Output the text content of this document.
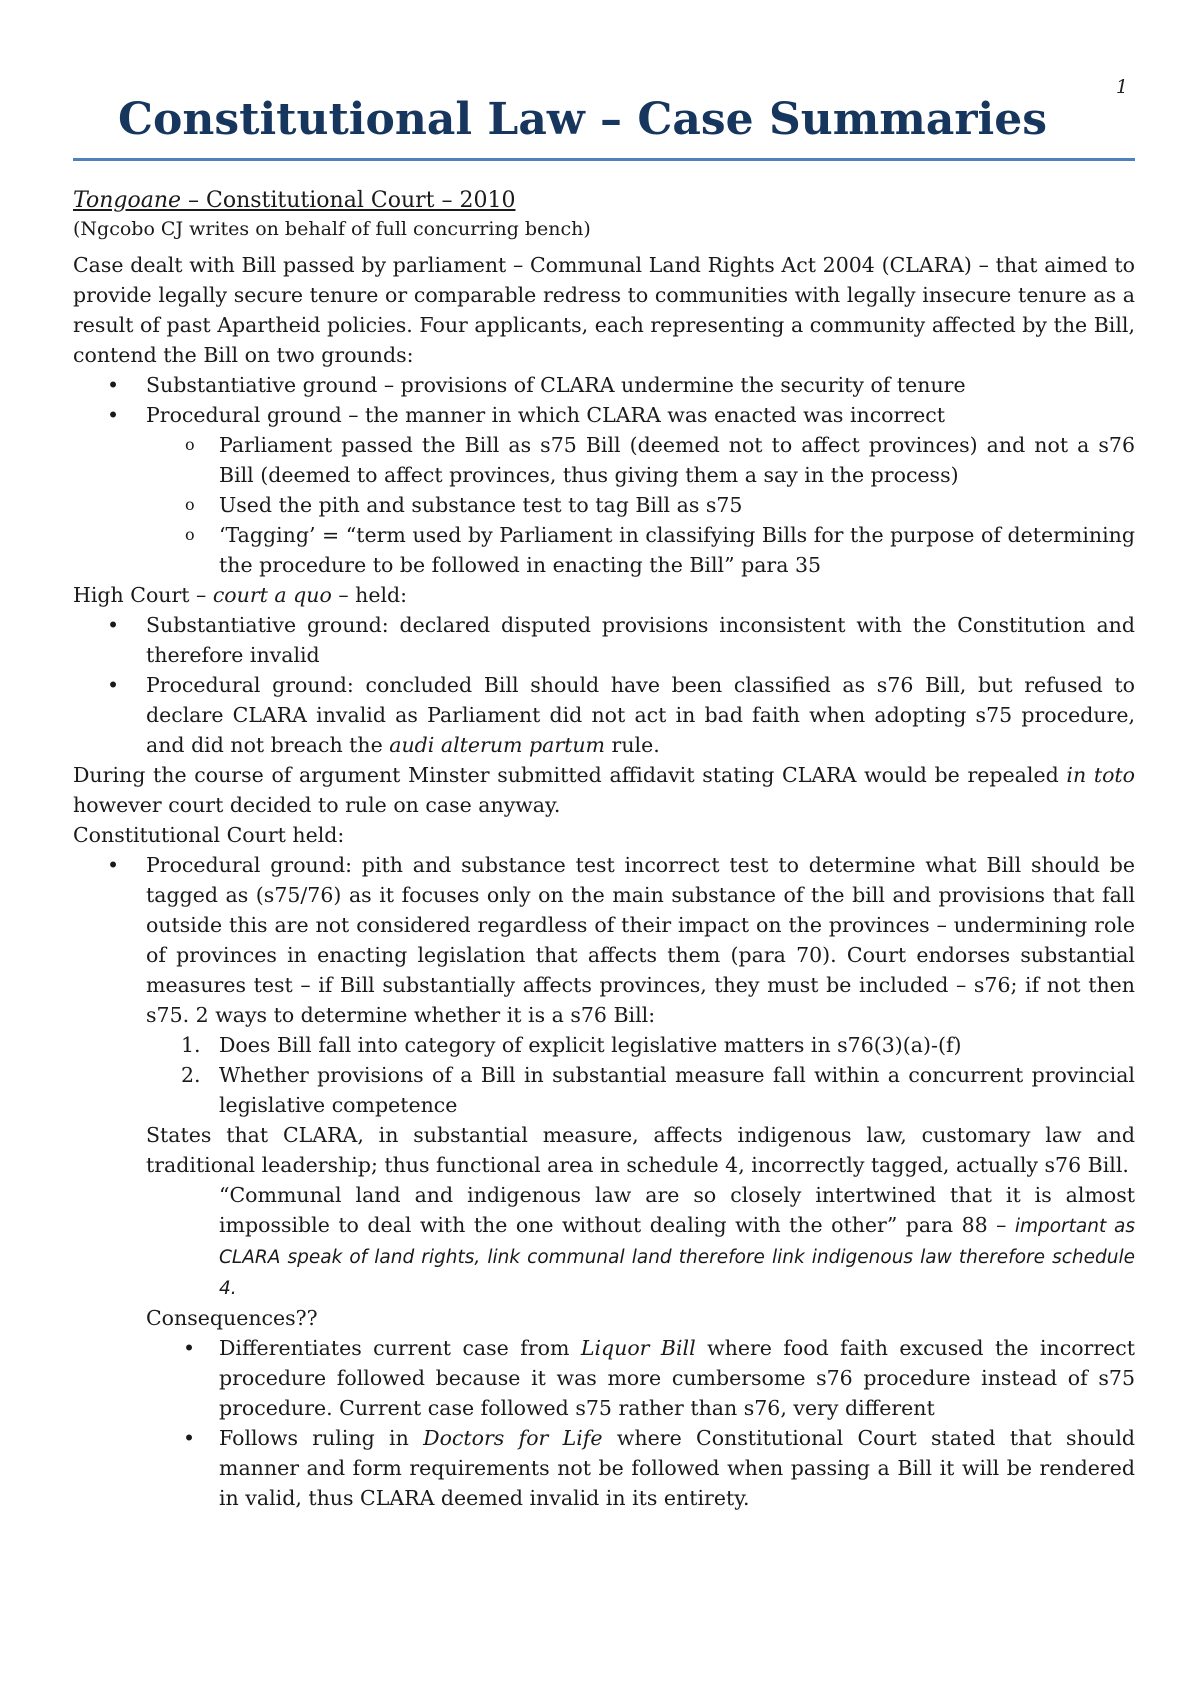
1
Constitutional Law – Case Summaries

Tongoane – Constitutional Court – 2010

(Ngcobo CJ writes on behalf of full concurring bench)

Case dealt with Bill passed by parliament – Communal Land Rights Act 2004 (CLARA) – that aimed to provide legally secure tenure or comparable redress to communities with legally insecure tenure as a result of past Apartheid policies. Four applicants, each representing a community affected by the Bill, contend the Bill on two grounds:

• Substantiative ground – provisions of CLARA undermine the security of tenure
• Procedural ground – the manner in which CLARA was enacted was incorrect
o Parliament passed the Bill as s75 Bill (deemed not to affect provinces) and not a s76 Bill (deemed to affect provinces, thus giving them a say in the process)
o Used the pith and substance test to tag Bill as s75
o ‘Tagging’ = “term used by Parliament in classifying Bills for the purpose of determining the procedure to be followed in enacting the Bill” para 35

High Court – court a quo – held:

• Substantiative ground: declared disputed provisions inconsistent with the Constitution and therefore invalid
• Procedural ground: concluded Bill should have been classified as s76 Bill, but refused to declare CLARA invalid as Parliament did not act in bad faith when adopting s75 procedure, and did not breach the audi alterum partum rule.

During the course of argument Minster submitted affidavit stating CLARA would be repealed in toto however court decided to rule on case anyway.

Constitutional Court held:

• Procedural ground: pith and substance test incorrect test to determine what Bill should be tagged as (s75/76) as it focuses only on the main substance of the bill and provisions that fall outside this are not considered regardless of their impact on the provinces – undermining role of provinces in enacting legislation that affects them (para 70). Court endorses substantial measures test – if Bill substantially affects provinces, they must be included – s76; if not then s75. 2 ways to determine whether it is a s76 Bill:
1. Does Bill fall into category of explicit legislative matters in s76(3)(a)-(f)
2. Whether provisions of a Bill in substantial measure fall within a concurrent provincial legislative competence

States that CLARA, in substantial measure, affects indigenous law, customary law and traditional leadership; thus functional area in schedule 4, incorrectly tagged, actually s76 Bill.

“Communal land and indigenous law are so closely intertwined that it is almost impossible to deal with the one without dealing with the other” para 88 – important as CLARA speak of land rights, link communal land therefore link indigenous law therefore schedule 4.

Consequences??

• Differentiates current case from Liquor Bill where food faith excused the incorrect procedure followed because it was more cumbersome s76 procedure instead of s75 procedure. Current case followed s75 rather than s76, very different
• Follows ruling in Doctors for Life where Constitutional Court stated that should manner and form requirements not be followed when passing a Bill it will be rendered in valid, thus CLARA deemed invalid in its entirety.
